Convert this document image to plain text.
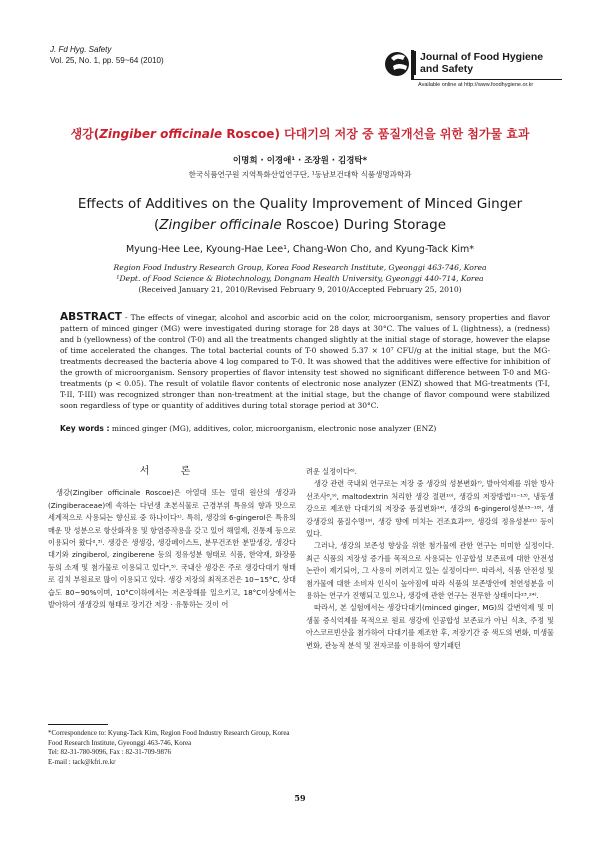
J. Fd Hyg. Safety
Vol. 25, No. 1, pp. 59~64 (2010)	Journal of Food Hygiene
and Safety
Available online at http://www.foodhygiene.or.kr
생강(Zingiber officinale Roscoe) 다대기의 저장 중 품질개선을 위한 첨가물 효과
이명희 · 이경애¹ · 조장원 · 김경탁*
한국식품연구원 지역특화산업연구단, ¹동남보건대학 식품생명과학과
Effects of Additives on the Quality Improvement of Minced Ginger
(Zingiber officinale Roscoe) During Storage
Myung-Hee Lee, Kyoung-Hae Lee¹, Chang-Won Cho, and Kyung-Tack Kim*
Region Food Industry Research Group, Korea Food Research Institute, Gyeonggi 463-746, Korea
¹Dept. of Food Science & Biotechnology, Dongnam Health University, Gyeonggi 440-714, Korea
(Received January 21, 2010/Revised February 9, 2010/Accepted February 25, 2010)
ABSTRACT - The effects of vinegar, alcohol and ascorbic acid on the color, microorganism, sensory properties and flavor pattern of minced ginger (MG) were investigated during storage for 28 days at 30°C. The values of L (lightness), a (redness) and b (yellowness) of the control (T-0) and all the treatments changed slightly at the initial stage of storage, however the elapse of time accelerated the changes. The total bacterial counts of T-0 showed 5.37 × 10⁷ CFU/g at the initial stage, but the MG-treatments decreased the bacteria above 4 log compared to T-0. It was showed that the additives were effective for inhibition of the growth of microorganism. Sensory properties of flavor intensity test showed no significant difference between T-0 and MG-treatments (p < 0.05). The result of volatile flavor contents of electronic nose analyzer (ENZ) showed that MG-treatments (T-I, T-II, T-III) was recognized stronger than non-treatment at the initial stage, but the change of flavor compound were stabilized soon regardless of type or quantity of additives during total storage period at 30°C.
Key words : minced ginger (MG), additives, color, microorganism, electronic nose analyzer (ENZ)
서 론

생강(Zingiber officinale Roscoe)은 아열대 또는 열대 원산의 생강과(Zingiberaceae)에 속하는 다년생 초본식물로 근경부위 특유의 향과 맛으로 세계적으로 사용되는 향신료 중 하나이다¹⁾. 특히, 생강의 6-gingerol은 특유의 매운 맛 성분으로 항산화작용 및 항염증작용을 갖고 있어 해열제, 진통제 등으로 이용되어 왔다²,³⁾. 생강은 생생강, 생강페이스트, 분무건조한 분말생강, 생강다대기와 zingiberol, zingiberene 등의 정유성분 형태로 식품, 한약재, 화장품 등의 소재 및 첨가물로 이용되고 있다⁴,⁵⁾. 국내산 생강은 주로 생강다대기 형태로 김치 부원료로 많이 이용되고 있다. 생강 저장의 최적조건은 10~15°C, 상대습도 80~90%이며, 10°C이하에서는 저온장해를 일으키고, 18°C이상에서는 발아하여 생생강의 형태로 장기간 저장 · 유통하는 것이 어

려운 실정이다⁶⁾.

생강 관련 국내외 연구로는 저장 중 생강의 성분변화⁷⁾, 발아억제를 위한 방사선조사⁸,⁹⁾, maltodextrin 처리한 생강 절편¹⁰⁾, 생강의 저장방법¹¹⁻¹³⁾, 냉동생강으로 제조한 다대기의 저장중 품질변화¹⁴⁾, 생강의 6-gingerol성분¹⁵⁻¹⁸⁾, 생강생강의 품질수명¹⁹⁾, 생강 향에 미치는 건조효과²⁰⁾, 생강의 정유성분²¹⁾ 등이 있다.

그러나, 생강의 보존성 향상을 위한 첨가물에 관한 연구는 미미한 실정이다. 최근 식품의 저장성 증가를 목적으로 사용되는 인공합성 보존료에 대한 안전성 논란이 제기되어, 그 사용이 꺼려지고 있는 실정이다²²⁾. 따라서, 식품 안전성 및 첨가물에 대한 소비자 인식이 높아짐에 따라 식품의 보존방안에 천연성분을 이용하는 연구가 진행되고 있으나, 생강에 관한 연구는 전무한 상태이다²³,²⁴⁾.

따라서, 본 실험에서는 생강다대기(minced ginger, MG)의 갈변억제 및 미생물 증식억제를 목적으로 원료 생강에 인공합성 보존료가 아닌 식초, 주정 및 아스코르빈산을 첨가하여 다대기를 제조한 후, 저장기간 중 색도의 변화, 미생물 변화, 관능적 분석 및 전자코를 이용하여 향기패턴

*Correspondence to: Kyung-Tack Kim, Region Food Industry Research Group, Korea Food Research Institute, Gyeonggi 463-746, Korea
Tel: 82-31-780-9096, Fax : 82-31-709-9876
E-mail : tack@kfri.re.kr
59
